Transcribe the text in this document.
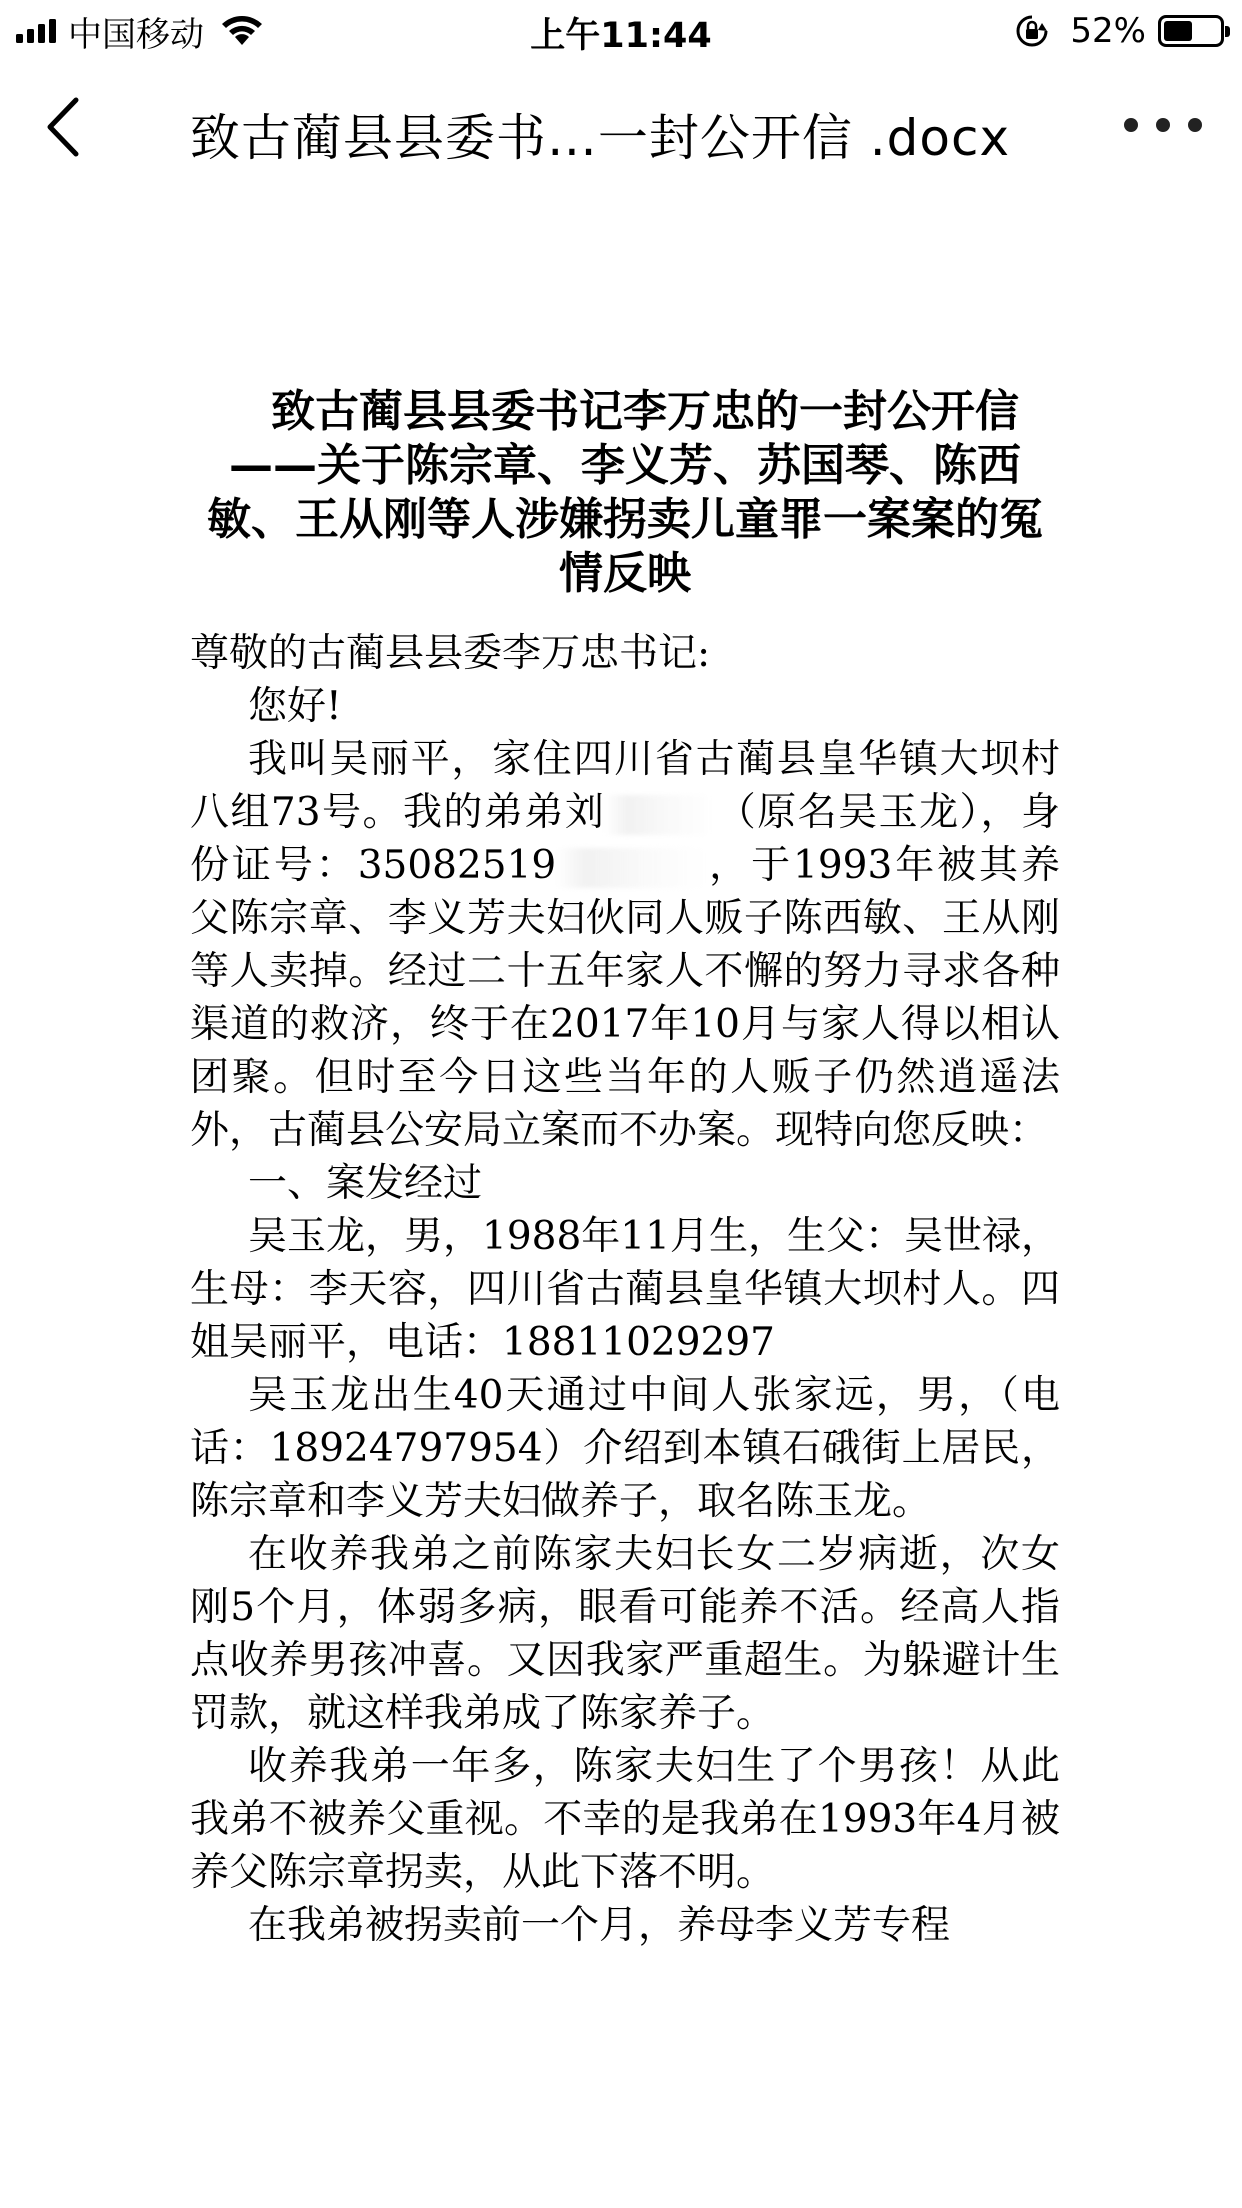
中国移动	上午11:44	52%
致古蔺县县委书…一封公开信 .docx
致古蔺县县委书记李万忠的一封公开信
——关于陈宗章、李义芳、苏国琴、陈西敏、王从刚等人涉嫌拐卖儿童罪一案案的冤情反映

尊敬的古蔺县县委李万忠书记:

您好!

我叫吴丽平，家住四川省古蔺县皇华镇大坝村八组73号。我的弟弟刘	（原名吴玉龙），身份证号：35082519	，于1993年被其养父陈宗章、李义芳夫妇伙同人贩子陈西敏、王从刚等人卖掉。经过二十五年家人不懈的努力寻求各种渠道的救济，终于在2017年10月与家人得以相认团聚。但时至今日这些当年的人贩子仍然逍遥法外，古蔺县公安局立案而不办案。现特向您反映：

一、案发经过

吴玉龙，男，1988年11月生，生父：吴世禄，生母：李天容，四川省古蔺县皇华镇大坝村人。四姐吴丽平，电话：18811029297

吴玉龙出生40天通过中间人张家远，男，（电话：18924797954）介绍到本镇石硪街上居民，陈宗章和李义芳夫妇做养子，取名陈玉龙。

在收养我弟之前陈家夫妇长女二岁病逝，次女刚5个月，体弱多病，眼看可能养不活。经高人指点收养男孩冲喜。又因我家严重超生。为躲避计生罚款，就这样我弟成了陈家养子。

收养我弟一年多，陈家夫妇生了个男孩！从此我弟不被养父重视。不幸的是我弟在1993年4月被养父陈宗章拐卖，从此下落不明。

在我弟被拐卖前一个月，养母李义芳专程
